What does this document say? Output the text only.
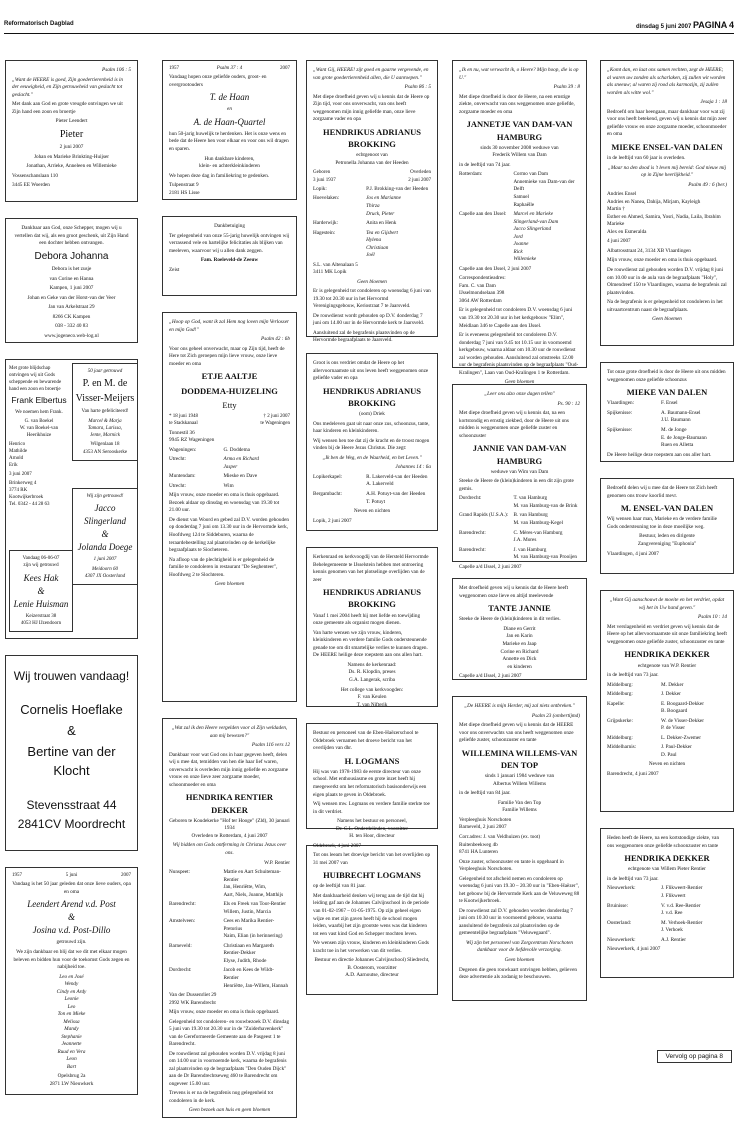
Reformatorisch Dagblad	dinsdag 5 juni 2007 PAGINA 4

Psalm 106 : 5

„Want de HEERE is goed, Zijn goedertierenheid is in der eeuwigheid, en Zijn getrouwheid van geslacht tot geslacht."

Met dank aan God en grote vreugde ontvingen we uit Zijn hand een zoon en broertje

Pieter Leendert

Pieter

2 juni 2007

Johan en Marieke Brinkting-Huijser

Jonathan, Arrieke, Anneleen en Willemieke

Vossenschanslaan 110

3445 EE Woerden

Dankbaar aan God, onze Schepper, mogen wij u vertellen dat wij, als een groot geschenk, uit Zijn Hand een dochter hebben ontvangen.

Debora Johanna

Debora is het zusje

van Corine en Hanna

Kampen, 1 juni 2007

Johan en Geke van der Horst-van der Veer

Jan van Arkelstraat 29

8266 CK Kampen

038 - 332 40 83

www.jogeneco.web-log.nl

Met grote blijdschap ontvingen wij uit Gods scheppende en bewarende hand een zoon en broertje

Frank Elbertus

We noemen hem Frank.

G. van Boekel
W. van Boekel-van Heerikhuize

Henrico
Mathilde
Arnold
Erik

3 juni 2007

Brinkerweg 4
3774 RK
Kootwijkerbroek
Tel. 0342 - 44 28 63

50 jaar getrouwd

P. en M. de Visser-Meijers

Van harte gefeliciteerd!

Marcel & Marja
Tamara, Larissa,
Jente, Marnick

Wilgenlaan 18
4353 AN Serooskerke

Vandaag 06-06-07
zijn wij getrouwd

Kees Hak
&
Lenie Huisman

Keizerstraat 38
4053 HJ IJzendoorn

Wij zijn getrouwd!

Jacco Slingerland
&
Jolanda Doege

1 juni 2007

Meidoorn 60
4307 JX Oosterland

Wij trouwen vandaag!

Cornelis Hoeflake

&

Bertine van der Klocht

Stevensstraat 44

2841CV Moordrecht

1957	5 juni	2007

Vandaag is het 50 jaar geleden dat onze lieve ouders, opa en oma

Leendert Arend v.d. Post
&
Josina v.d. Post-Dillo

getrouwd zijn.

We zijn dankbaar en blij dat we dit met elkaar mogen beleven en bidden hun voor de toekomst Gods zegen en nabijheid toe.

Leo en José
Wendy
Cindy en Ardy
Leonie
Leo
Ton en Mieke
Melissa
Mandy
Stephanie
Jeannette
Ruud en Vera
Leon
Bart

Opelsbrug 2a
2871 LW Nieuwkerk

1957	Psalm 37 : 4	2007

Vandaag hopen onze geliefde ouders, groot- en overgrootouders

T. de Haan

en

A. de Haan-Quartel

hun 50-jarig huwelijk te herdenken. Het is onze wens en bede dat de Heere hen voor elkaar en voor ons wil dragen en sparen.

Hun dankbare kinderen,
klein- en achterkleinkinderen

We hopen deze dag in familiekring te gedenken.

Tulpenstraat 9
2181 HS Lisse

Dankbetuiging

Ter gelegenheid van onze 55-jarig huwelijk ontvingen wij verrassend vele en hartelijke felicitaties als blijken van meeleven, waarvoor wij u allen dank zeggen.

Fam. Roeleveld-de Zeeuw

Zeist

„Hoop op God, want ik zal Hem nog loven mijn Verlosser en mijn God!"

Psalm 42 : 6b

Voor ons geheel onverwacht, maar op Zijn tijd, heeft de Here tot Zich geroepen mijn lieve vrouw, onze lieve moeder en oma

ETJE AALTJE

DODDEMA-HUIZELING

Etty

* 18 juni 1948
te Stadskanaal
† 2 juni 2007
te Wageningen

Tonnestil 36
9945 RZ Wageningen

Wageningen:	G. Doddema

Utrecht:	Arma en Richard
Jasper

Muntendam:	Mieske en Dave

Utrecht:	Wim

Mijn vrouw, onze moeder en oma is thuis opgebaard. Bezoek aldaar op dinsdag en woensdag van 19.30 tot 21.00 uur.

De dienst van Woord en gebed zal D.V. worden gehouden op donderdag 7 juni om 13.30 uur in de Hervormde kerk, Hoofdweg 124 te Siddeburen, waarna de teraardebestelling zal plaatsvinden op de kerkelijke begraafplaats te Siocheteren.

Na afloop van de plechtigheid is er gelegenheid de familie te condoleren in restaurant "De Seghenteer", Hoofdweg 2 te Slochteren.

Geen bloemen

„Wat zal ik den Heere vergelden voor al Zijn weldaden, aan mij bewezen?"

Psalm 116 vers 12

Dankbaar voor wat God ons in haar gegeven heeft, delen wij u mee dat, temidden van hen die haar lief waren, onverwacht is overleden mijn innig geliefde en zorgzame vrouw en onze lieve zeer zorgzame moeder, schoonmoeder en oma

HENDRIKA RENTIER DEKKER

Geboren te Koudekerke "Hof ter Hooge" (Zld), 30 januari 1934
Overleden te Rotterdam, 4 juni 2007

Wij bidden om Gods ontferming in Christus Jezus over ons.

W.P. Rentier

Nunspeet:	Mattie en Aart Schuiteman-Rentier
Jan, Henriëtte, Wim,
Aart, Niels, Joanne, Matthijs

Barendrecht:	Els en Freek van Toor-Rentier
Willem, Justin, Marcia

Amstelveen:	Cees en Marika Rentier-Pretorius
Naim, Elian (in herinnering)

Barneveld:	Christiaan en Margareth Rentier-Dekker
Elyse, Judith, Rhode

Dordrecht:	Jacob en Kees de Wildt-Rentier
Henriëtte, Jan-Willem, Hannah

Van der Dussenrliet 29
2992 WK Barendrecht

Mijn vrouw, onze moeder en oma is thuis opgebaard.

Gelegenheid tot condoleren- en rouwbezoek D.V. dinsdag 5 juni van 19.30 tot 20.30 uur in de "Zuiderhavenkerk" van de Gereformeerde Gemeente aan de Pasgeest 1 te Barendrecht.

De rouwdienst zal gehouden worden D.V. vrijdag 8 juni om 14.00 uur in voornoemde kerk, waarna de begrafenis zal plaatsvinden op de begraafplaats "Den Ouden Dijck" aan de Dr Barendrechtseweg 460 te Barendrecht om ongeveer 15.00 uur.

Trevens is er na de begrafenis nog gelegenheid tot condoleren in de kerk.

Geen bezoek aan huis en geen bloemen

„Want Gij, HEERE! zijt goed en gaarne vergevende, en van grote goedertierenheid allen, die U aanroepen."

Psalm 86 : 5

Met diepe droefheid geven wij u kennis dat de Heere op Zijn tijd, voor ons onverwacht, van ons heeft weggenomen mijn innig geliefde man, onze lieve zorgzame vader en opa

HENDRIKUS ADRIANUS BROKKING

echtgenoot van
Petronella Johanna van der Heeden

Geboren
3 juni 1937
Overleden
2 juni 2007

Lopik:	P.J. Brokking-van der Heeden

Hoevelaken:	Jos en Marianne
Thirza
Druck, Pieter

Harderwijk:	Anita en Henk

Hagestein:	Tea en Gijsbert
Hylena
Christiaan
Joël

S.L. van Altenalaan 5
3411 MK Lopik

Geen bloemen

Er is gelegenheid tot condoleren op woensdag 6 juni van 19.30 tot 20.30 uur in het Hervormd Verenigingsgebouw, Keriostraat 7 te Jaarsveld.

De rouwdienst wordt gehouden op D.V. donderdag 7 juni om 14.00 uur in de Hervormde kerk te Jaarsveld.

Aansluitend zal de begrafenis plaatsvinden op de Hervormde begraafplaats te Jaarsveld.

Groot is ons verdriet omdat de Heere op het allervoornaamste uit ons leven heeft weggenomen onze geliefde vader en opa

HENDRIKUS ADRIANUS BROKKING

(oom) Driek

Ons medeleven gaat uit naar onze zus, schoonzus, tante, haar kinderen en kleinkinderen.

Wij wensen hen toe dat zij de kracht en de troost mogen vinden bij de Heere Jezus Christus. Die zegt:

„Ik ben de Weg, en de Waarheid, en het Leven."

Johannes 14 : 6a

Lopikerkapel:	R. Lakerveld-van der Heeden
A. Lakerveld

Bergambacht:	A.H. Potuyt-van der Heeden
T. Potuyt

Neven en nichten

Lopik, 2 juni 2007

Kerkenraad en kerkvoogdij van de Hersteld Hervormde Behelegemeente te IJsselstein hebben met ontroering kennis genomen van het plotselinge overlijden van de zeer

HENDRIKUS ADRIANUS BROKKING

Vanaf 1 mei 2004 heeft hij met liefde en toewijding onze gemeente als organist mogen dienen.

Van harte wensen we zijn vrouw, kinderen, kleinkinderen en verdere familie Gods ondersteunende genade toe om dit smartelijke verlies te kunnen dragen. De HEERE heilige deze roepstem aan ons allen hart.

Namens de kerkenraad:
Ds. R. Klopdin, preses
G.A. Langerak, scriba

Het college van kerkvoogden:
F. van Keulen
T. van Nifterik

Bestuur en personeel van de Eben-Haëzerschool te Oldebroek vernamen het droeve bericht van het overlijden van dhr.

H. LOGMANS

Hij was van 1978-1983 de eerste directeur van onze school. Met enthousiasme en grote inzet heeft hij meegewerkt om het reformatorisch basisonderwijs een eigen plaats te geven in Oldebroek.

Wij wensen mw. Logmans en verdere familie sterkte toe in dit verdriet.

Namens het bestuur en personeel,
Dr. C.L. Onderdelinden, voorzitter
H. ten Hoor, directeur

Oldebroek, 4 juni 2007

Tot ons leeam het droevige bericht van het overlijden op 31 mei 2007 van

HUIBRECHT LOGMANS

op de leeftijd van 81 jaar.

Met dankbaarheid denken wij terug aan de tijd dat hij leiding gaf aan de Johannes Calvijnschool in de periode van 01-02-1967 – 01-05-1975. Op zijn geheel eigen wijze en met zijn gaven heeft hij de school mogen leiden, waarbij het zijn grootste wens was dat kinderen tot een vast kind God en Schepper mochten leven.

We wensen zijn vrouw, kinderen en kleinkinderen Gods kracht toe in het verwerken van dit verlies.

Bestuur en directie Johannes Calvijnschool) Sliedrecht,
B. Oosterom, voorzitter
A.D. Aarnoutse, directeur

„Ik en nu, wat verwacht ik, o Heere? Mijn hoop, die is op U."

Psalm 39 : 8

Met diepe droefheid is door de Heere, na een ernstige ziekte, onverwacht van ons weggenomen onze geliefde, zorgzame moeder en oma

JANNETJE VAN DAM-VAN HAMBURG

sinds 30 november 2008 weduwe van
Frederik Willem van Dam

in de leeftijd van 74 jaar.

Rotterdam:	Cormo van Dam
Annemieke van Dam-van der Delft
Samuel
Raphaëlle

Capelle aan den IJssel: Marcel en Marieke Slingerland-van Dam
Jacco Slingerland
Jord
Joanne
Rick
Willemieke

Capelle aan den IJssel, 2 juni 2007

Correspondentieadres:
Fam. C. van Dam
IJsselmondselaan 398
3064 AW Rotterdam

Er is gelegenheid tot condoleren D.V. woensdag 6 juni van 19.30 tot 20.30 uur in het kerkgebouw "Elim", Meidlaan 346 te Capelle aan den IJssel.

Er is eveneens gelegenheid tot condoleren D.V. donderdag 7 juni van 9.45 tot 10.15 uur in voornoemd kerkgebouw, waarna aldaar om 10.30 uur de rouwdienst zal worden gehouden. Aansluitend zal omstreeks 12.00 uur de begrafenis plaatsvinden op de begraafplaats "Oud-Kralingen", Laan van Oud-Kralingen 1 te Rotterdam.

Geen bloemen

„Leer ons alzo onze dagen tellen"

Ps. 90 : 12

Met diepe droefheid geven wij u kennis dat, na een kortstondig en ernstig ziekbed, door de Heere uit ons midden is weggenomen onze geliefde zuster en schoonzuster

JANNIE VAN DAM-VAN HAMBURG

weduwe van Wim van Dam

Steeke de Heere de (klein)kinderen in een dit zijn grote gemis.

Dordrecht:	T. van Hamburg
M. van Hamburg-van de Brink

Grand Rapids (U.S.A.): B. van Hamburg
M. van Hamburg-Kegel

Barendrecht:	C. Mères-van Hamburg
J.A. Mores

Barendrecht:	J. van Hamburg
M. van Hamburg-van Prooijen

Capelle a/d IJssel, 2 juni 2007

Met droefheid geven wij u kennis dat de Heere heeft weggenomen onze lieve en altijd meelevende

TANTE JANNIE

Steeke de Heere de (klein)kinderen in dit verlies.

Diane en Gerrit
Jan en Karin
Marieke en Jaap
Corine en Richard
Annette en Dick
en kinderen

Capelle a/d IJssel, 2 juni 2007

„De HEERE is mijn Herder, mij zal niets ontbreken."

Psalm 23 (ombertijmd)

Met diepe droefheid geven wij u kennis dat de HEERE voor ons onverwachts van ons heeft weggenomen onze geliefde zuster, schoonzuster en tante

WILLEMINA WILLEMS-VAN DEN TOP

sinds 1 januari 1984 weduwe van
Albertus Willem Willems

in de leeftijd van 84 jaar.

Familie Van den Top
Familie Willems

Verpleeghuis Norschoten
Barneveld, 2 juni 2007

Corr.adres: J. van Veldhuizen (ex. toot)
Ruitenbeekweg 4b
8741 HA Lunteren

Onze zuster, schoonzuster en tante is opgebaard in Verpleeghuis Norschoten.

Gelegenheid tot afscheid nemen en condoleren op woensdag 6 juni van 19.30 – 20.30 uur in "Eben-Haëzer", het gebouw bij de Hervormde Kerk aan de Veluweweg 88 te Kootwijkerbroek.

De rouwdienst zal D.V. gehouden worden donderdag 7 juni om 10.30 uur in voornoemd gebouw, waarna aansluitend de begrafenis zal plaatsvinden op de gemeentelijke begraafplaats "Veluwegaard".

Wij zijn het personeel van Zorgcentrum Norschoten dankbaar voor de liefdevolle verzorging.

Geen bloemen

Degenen die geen rouwkaart ontvingen hebben, gelieven deze advertentie als zodanig te beschouwen.

„Komt dan, en laat ons samen rechten, zegt de HEERE; al waren uw zonden als scharlaken, zij zullen wit worden als sneeuw; al waren zij rood als karmozijn, zij zullen worden als witte wol."

Jesaja 1 : 18

Bedroefd om haar heengaan, maar dankbaar voor wat zij voor ons heeft betekend, geven wij u kennis dat mijn zeer geliefde vrouw en onze zorgzame moeder, schoonmoeder en oma

MIEKE ENSEL-VAN DALEN

in de leeftijd van 60 jaar is overleden.

„Maar na den dood is 't leven mij bereid: God nieuw mij op in Zijne heerlijkheid."

Psalm 49 : 6 (ber.)

Andries Ensel
Andries en Nanea, Dahija, Mirjam, Kayleigh
Martin †
Esther en Ahmed, Samira, Yosri, Nadia, Laila, Ibrahim
Marieke
Alex en Esmeralda

4 juni 2007

Albatrosstraat 24, 3134 XB Vlaardingen

Mijn vrouw, onze moeder en oma is thuis opgebaard.

De rouwdienst zal gehouden worden D.V. vrijdag 8 juni om 10.00 uur in de aula van de begraafplaats "Holy", Olmendreef 150 te Vlaardingen, waarna de begrafenis zal plaatsvinden.

Na de begrafenis is er gelegenheid tot condoleren in het uitvaartcentrum naast de begraafplaats.

Geen bloemen

Tot onze grote droefheid is door de Heere uit ons midden weggenomen onze geliefde schoonzus

MIEKE VAN DALEN

Vlaardingen:	F. Ensel

Spijkenisse:	A. Baumann-Ensel
J.U. Baumann

Spijkenisse:	M. de Jonge
E. de Jonge-Baumann
Ruen en Alletta

De Heere heilige deze roepstem aan ons aller hart.

Bedroefd delen wij u mee dat de Heere tot Zich heeft genomen ons trouw koorlid mevr.

M. ENSEL-VAN DALEN

Wij wensen haar man, Marieke en de verdere familie Gods ondersteuning toe in deze moeilijke weg.

Bestuur, leden en dirigente
Zangvereniging "Euphonia"

Vlaardingen, 4 juni 2007

„Want Gij aanschouwt de moeite en het verdriet, opdat wij het in Uw hand geven."

Psalm 10 : 14

Met verslagenheid en verdriet geven wij kennis dat de Heere op het allervoornaamste uit onze familiekring heeft weggenomen onze geliefde zuster, schoonzuster en tante

HENDRIKA DEKKER

echtgenote van W.P. Rentier

in de leeftijd van 73 jaar.

Middelburg:	M. Dekker

Middelburg:	J. Dekker

Kapelle:	E. Boogaard-Dekker
B. Boogaard

Grijpskerke:	W. de Visser-Dekker
P. de Visser

Middelburg:	L. Dekker-Zwemer

Middelharnis:	J. Paul-Dekker
D. Paul

Neven en nichten

Barendrecht, 4 juni 2007

Heden heeft de Heere, na een kortstondige ziekte, van ons weggenomen onze geliefde schoonzuster en tante

HENDRIKA DEKKER

echtgenote van Willem Pieter Rentier

in de leeftijd van 73 jaar.

Nieuwerkerk:	J. Flikweert-Rentier
J. Flikweert

Bruinisse:	V. v.d. Ree-Rentier
J. v.d. Ree

Oosterland:	M. Verhoek-Rentier
J. Verhoek

Nieuwerkerk:	A.J. Rentier

Nieuwerkerk, 4 juni 2007

Vervolg op pagina 8
